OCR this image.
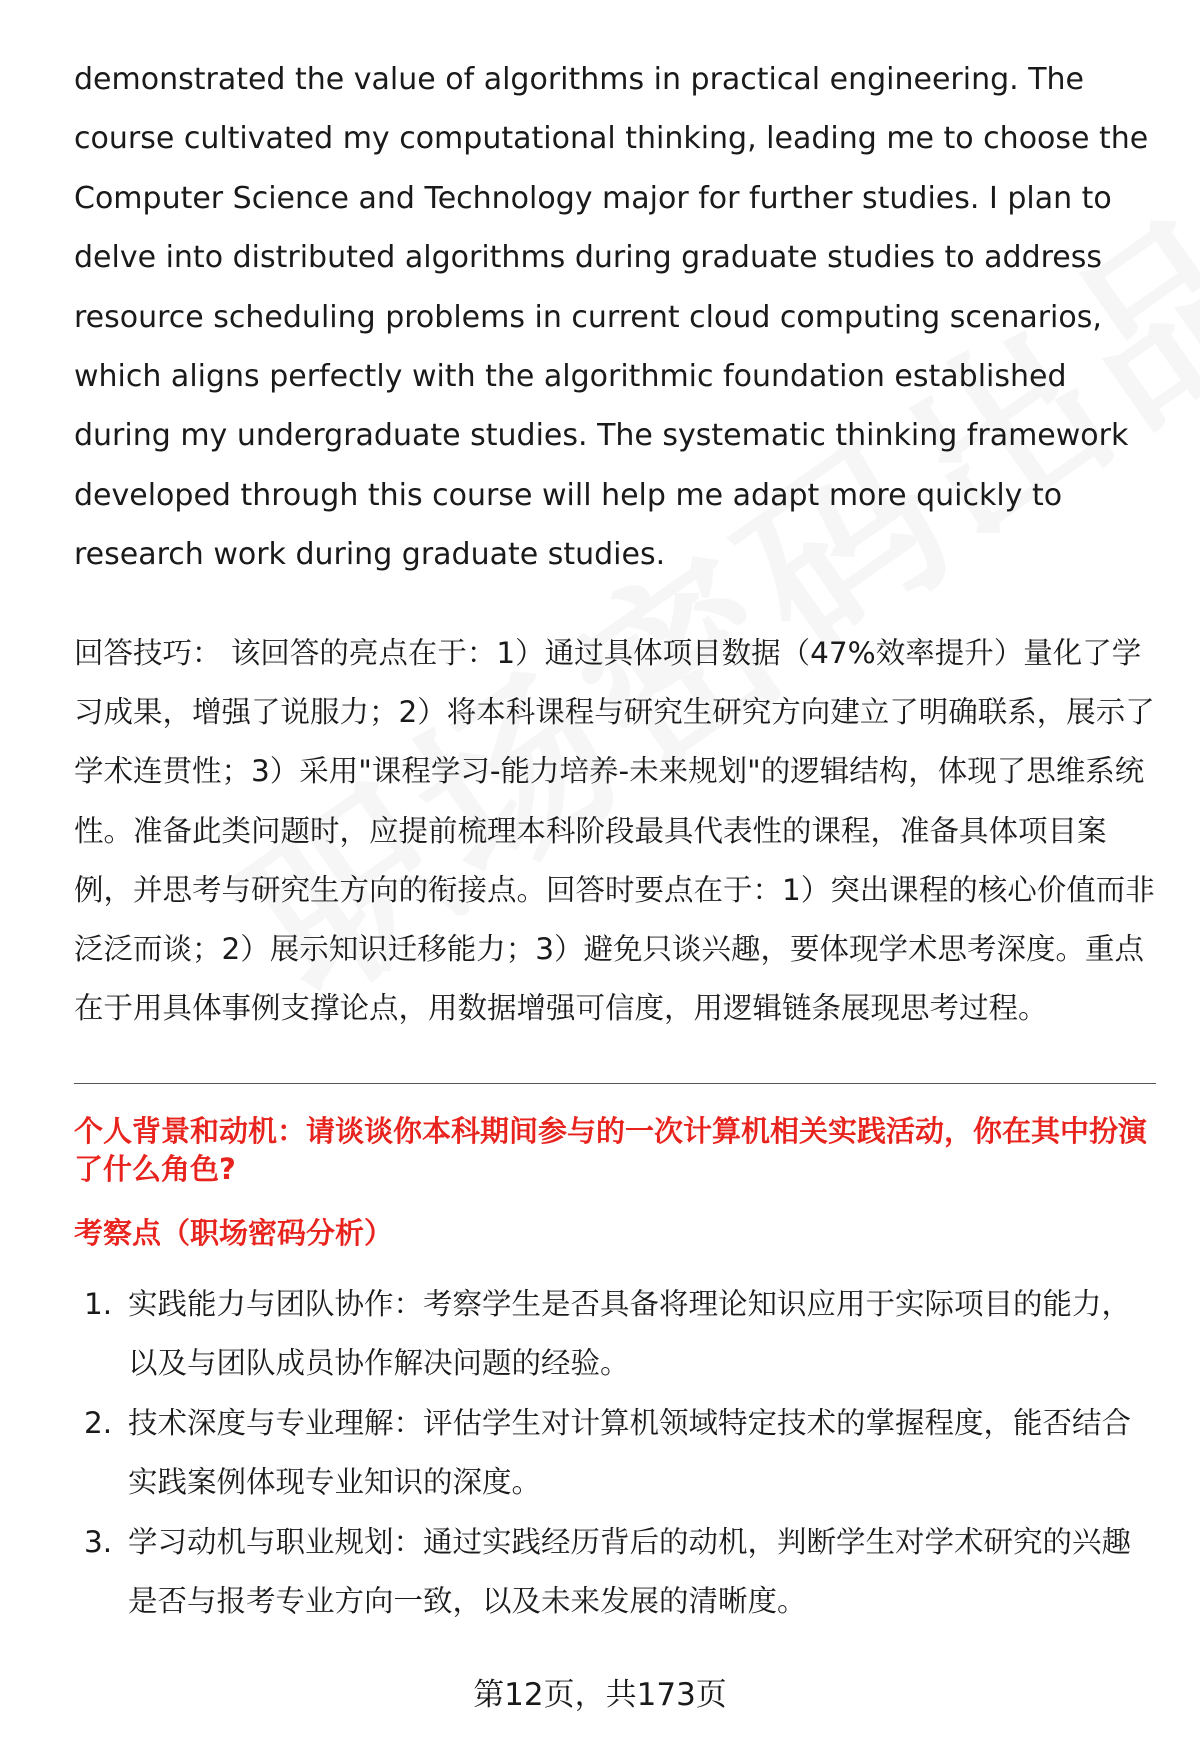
demonstrated the value of algorithms in practical engineering. The course cultivated my computational thinking, leading me to choose the Computer Science and Technology major for further studies. I plan to delve into distributed algorithms during graduate studies to address resource scheduling problems in current cloud computing scenarios, which aligns perfectly with the algorithmic foundation established during my undergraduate studies. The systematic thinking framework developed through this course will help me adapt more quickly to research work during graduate studies.

回答技巧： 该回答的亮点在于：1）通过具体项目数据（47%效率提升）量化了学习成果，增强了说服力；2）将本科课程与研究生研究方向建立了明确联系，展示了学术连贯性；3）采用"课程学习-能力培养-未来规划"的逻辑结构，体现了思维系统性。准备此类问题时，应提前梳理本科阶段最具代表性的课程，准备具体项目案例，并思考与研究生方向的衔接点。回答时要点在于：1）突出课程的核心价值而非泛泛而谈；2）展示知识迁移能力；3）避免只谈兴趣，要体现学术思考深度。重点在于用具体事例支撑论点，用数据增强可信度，用逻辑链条展现思考过程。

个人背景和动机：请谈谈你本科期间参与的一次计算机相关实践活动，你在其中扮演了什么角色?
考察点（职场密码分析）
1. 实践能力与团队协作：考察学生是否具备将理论知识应用于实际项目的能力，以及与团队成员协作解决问题的经验。
2. 技术深度与专业理解：评估学生对计算机领域特定技术的掌握程度，能否结合实践案例体现专业知识的深度。
3. 学习动机与职业规划：通过实践经历背后的动机，判断学生对学术研究的兴趣是否与报考专业方向一致，以及未来发展的清晰度。
第12页，共173页
